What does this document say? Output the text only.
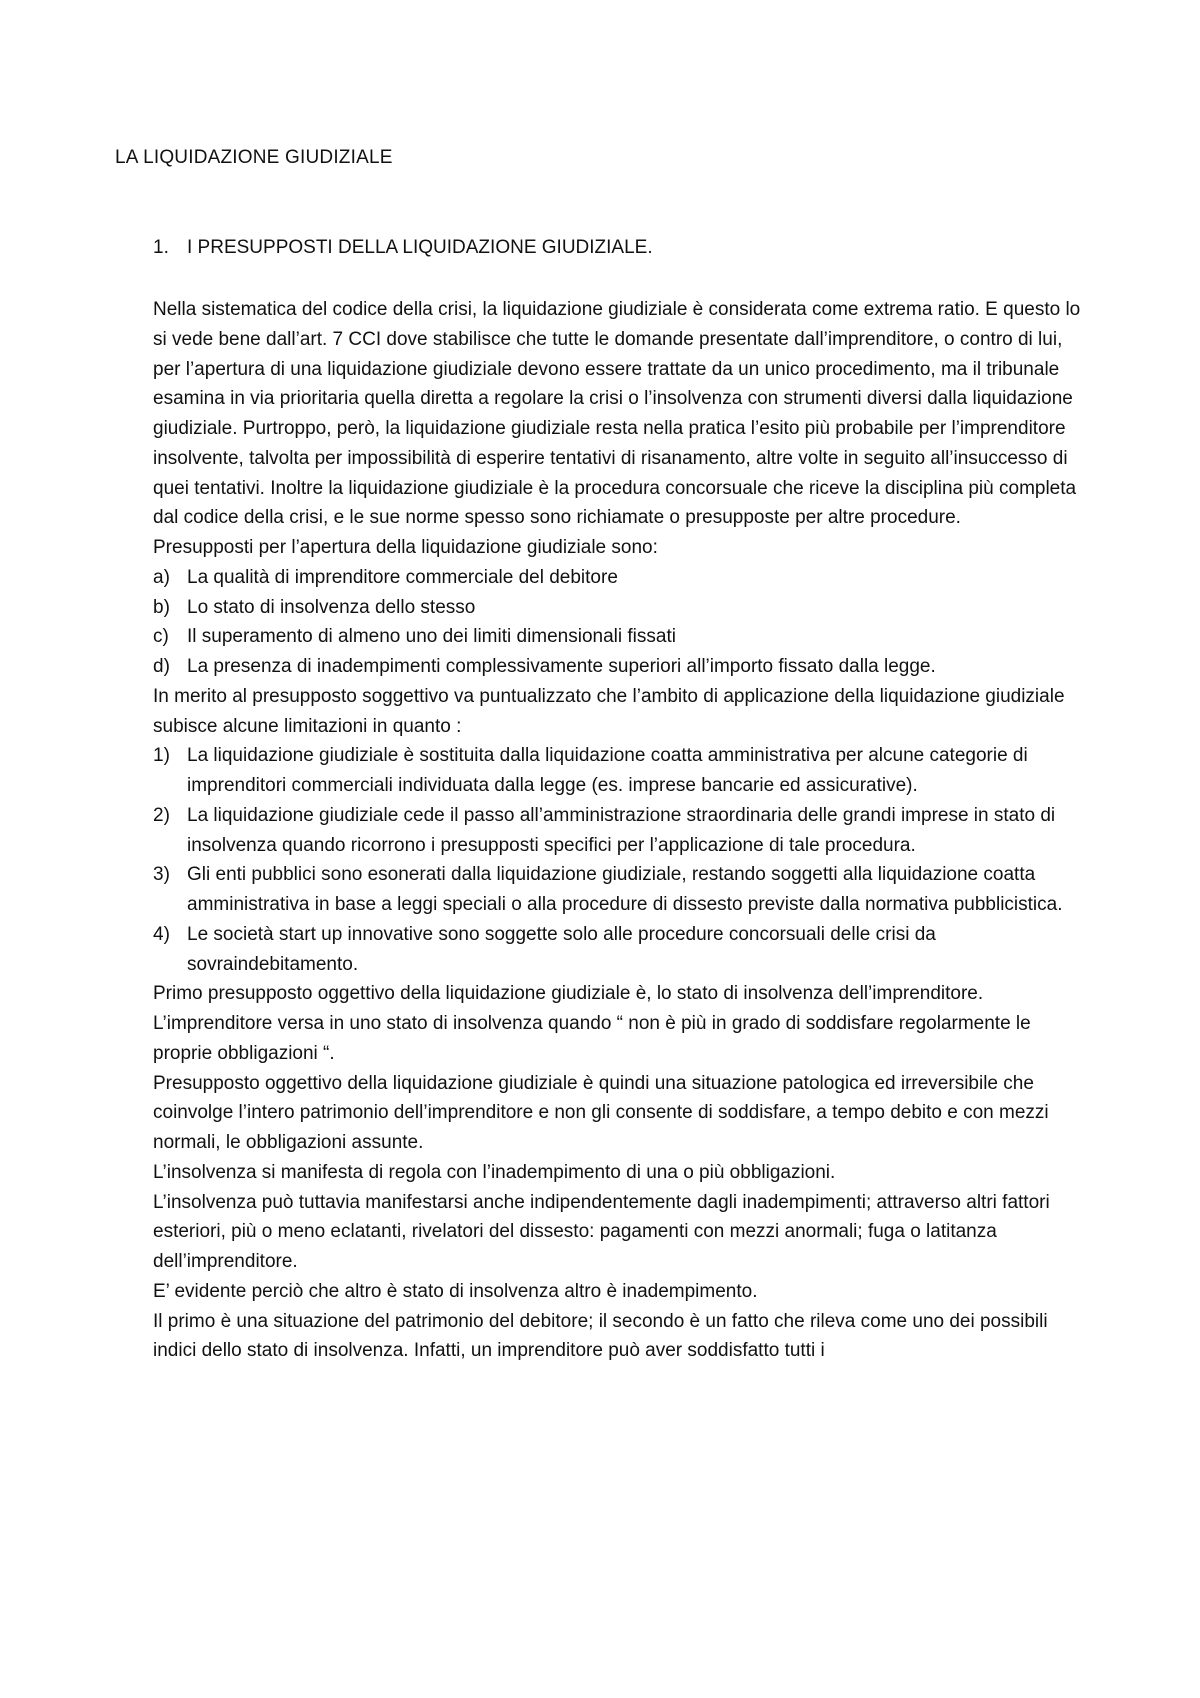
LA LIQUIDAZIONE GIUDIZIALE
1. I PRESUPPOSTI DELLA LIQUIDAZIONE GIUDIZIALE.

Nella sistematica del codice della crisi, la liquidazione giudiziale è considerata come extrema ratio. E questo lo si vede bene dall’art. 7 CCI dove stabilisce che tutte le domande presentate dall’imprenditore, o contro di lui, per l’apertura di una liquidazione giudiziale devono essere trattate da un unico procedimento, ma il tribunale esamina in via prioritaria quella diretta a regolare la crisi o l’insolvenza con strumenti diversi dalla liquidazione giudiziale. Purtroppo, però, la liquidazione giudiziale resta nella pratica l’esito più probabile per l’imprenditore insolvente, talvolta per impossibilità di esperire tentativi di risanamento, altre volte in seguito all’insuccesso di quei tentativi. Inoltre la liquidazione giudiziale è la procedura concorsuale che riceve la disciplina più completa dal codice della crisi, e le sue norme spesso sono richiamate o presupposte per altre procedure.

Presupposti per l’apertura della liquidazione giudiziale sono:

a) La qualità di imprenditore commerciale del debitore
b) Lo stato di insolvenza dello stesso
c) Il superamento di almeno uno dei limiti dimensionali fissati
d) La presenza di inadempimenti complessivamente superiori all’importo fissato dalla legge.

In merito al presupposto soggettivo va puntualizzato che l’ambito di applicazione della liquidazione giudiziale subisce alcune limitazioni in quanto :

1) La liquidazione giudiziale è sostituita dalla liquidazione coatta amministrativa per alcune categorie di imprenditori commerciali individuata dalla legge (es. imprese bancarie ed assicurative).
2) La liquidazione giudiziale cede il passo all’amministrazione straordinaria delle grandi imprese in stato di insolvenza quando ricorrono i presupposti specifici per l’applicazione di tale procedura.
3) Gli enti pubblici sono esonerati dalla liquidazione giudiziale, restando soggetti alla liquidazione coatta amministrativa in base a leggi speciali o alla procedure di dissesto previste dalla normativa pubblicistica.
4) Le società start up innovative sono soggette solo alle procedure concorsuali delle crisi da sovraindebitamento.

Primo presupposto oggettivo della liquidazione giudiziale è, lo stato di insolvenza dell’imprenditore.

L’imprenditore versa in uno stato di insolvenza quando “ non è più in grado di soddisfare regolarmente le proprie obbligazioni “.

Presupposto oggettivo della liquidazione giudiziale è quindi una situazione patologica ed irreversibile che coinvolge l’intero patrimonio dell’imprenditore e non gli consente di soddisfare, a tempo debito e con mezzi normali, le obbligazioni assunte.

L’insolvenza si manifesta di regola con l’inadempimento di una o più obbligazioni.

L’insolvenza può tuttavia manifestarsi anche indipendentemente dagli inadempimenti; attraverso altri fattori esteriori, più o meno eclatanti, rivelatori del dissesto: pagamenti con mezzi anormali; fuga o latitanza dell’imprenditore.

E’ evidente perciò che altro è stato di insolvenza altro è inadempimento.

Il primo è una situazione del patrimonio del debitore; il secondo è un fatto che rileva come uno dei possibili indici dello stato di insolvenza. Infatti, un imprenditore può aver soddisfatto tutti i
